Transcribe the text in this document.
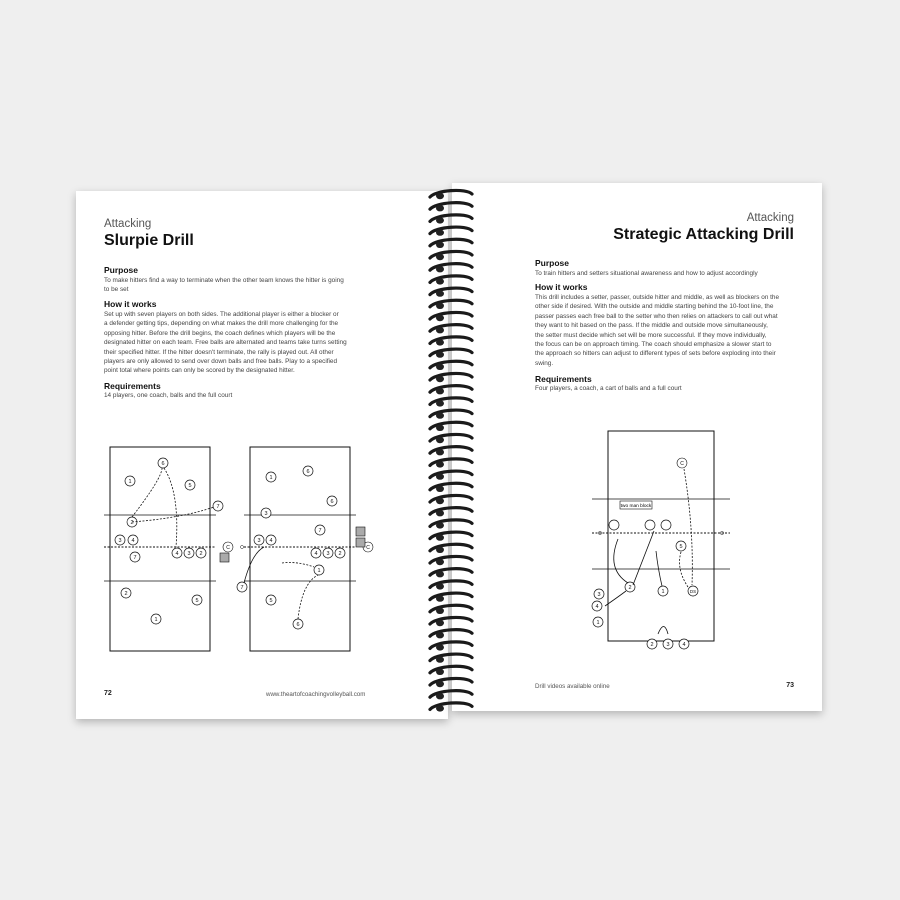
Attacking
Slurpie Drill
Purpose
To make hitters find a way to terminate when the other team knows the hitter is going
to be set
How it works
Set up with seven players on both sides. The additional player is either a blocker or
a defender getting tips, depending on what makes the drill more challenging for the
opposing hitter. Before the drill begins, the coach defines which players will be the
designated hitter on each team. Free balls are alternated and teams take turns setting
their specified hitter. If the hitter doesn't terminate, the rally is played out. All other
players are only allowed to send over down balls and free balls. Play to a specified
point total where points can only be scored by the designated hitter.
Requirements
14 players, one coach, balls and the full court
1
6
5
7
2
3 4
7
4 3 2
2
5
1
C
1
6
6
3
7
3 4
4 3 2
1
7
5
6
C
72	www.theartofcoachingvolleyball.com
Attacking
Strategic Attacking Drill
Purpose
To train hitters and setters situational awareness and how to adjust accordingly
How it works
This drill includes a setter, passer, outside hitter and middle, as well as blockers on the
other side if desired. With the outside and middle starting behind the 10-foot line, the
passer passes each free ball to the setter who then relies on attackers to call out what
they want to hit based on the pass. If the middle and outside move simultaneously,
the setter must decide which set will be more successful. If they move individually,
the focus can be on approach timing. The coach should emphasize a slower start to
the approach so hitters can adjust to different types of sets before exploding into their
swing.
Requirements
Four players, a coach, a cart of balls and a full court
two man block
C
5
1
2
3
4
1
2 3 4
DS
Drill videos available online	73
